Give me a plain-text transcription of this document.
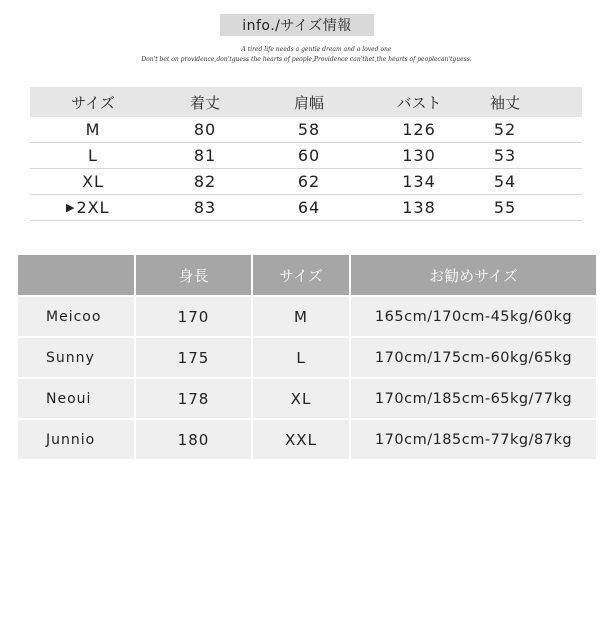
info./サイズ情報
A tired life needs a gentle dream and a loved one
Don't bet on providence,don'tguess the hearts of people,Providence can'thet,the hearts of peoplecan'tguess.
サイズ	着丈	肩幅	バスト	袖丈
M	80	58	126	52
L	81	60	130	53
XL	82	62	134	54
▶ 2XL	83	64	138	55
	身長	サイズ	お勧めサイズ
Meicoo	170	M	165cm/170cm-45kg/60kg
Sunny	175	L	170cm/175cm-60kg/65kg
Neoui	178	XL	170cm/185cm-65kg/77kg
Junnio	180	XXL	170cm/185cm-77kg/87kg
